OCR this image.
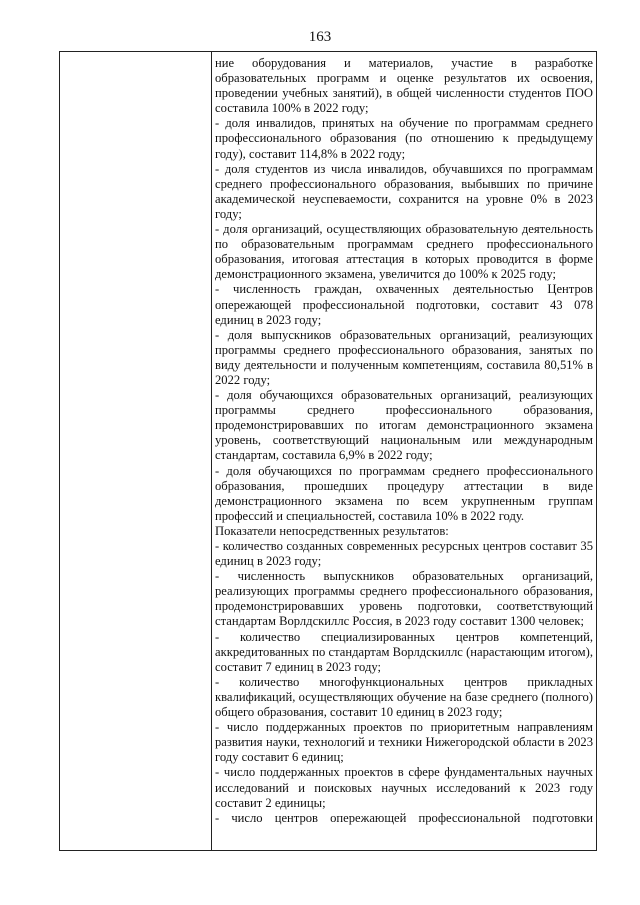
163

ние оборудования и материалов, участие в разработке образовательных программ и оценке результатов их освоения, проведении учебных занятий), в общей численности студентов ПОО составила 100% в 2022 году;

- доля инвалидов, принятых на обучение по программам среднего профессионального образования (по отношению к предыдущему году), составит 114,8% в 2022 году;

- доля студентов из числа инвалидов, обучавшихся по программам среднего профессионального образования, выбывших по причине академической неуспеваемости, сохранится на уровне 0% в 2023 году;

- доля организаций, осуществляющих образовательную деятельность по образовательным программам среднего профессионального образования, итоговая аттестация в которых проводится в форме демонстрационного экзамена, увеличится до 100% к 2025 году;

- численность граждан, охваченных деятельностью Центров опережающей профессиональной подготовки, составит 43 078 единиц в 2023 году;

- доля выпускников образовательных организаций, реализующих программы среднего профессионального образования, занятых по виду деятельности и полученным компетенциям, составила 80,51% в 2022 году;

- доля обучающихся образовательных организаций, реализующих программы среднего профессионального образования, продемонстрировавших по итогам демонстрационного экзамена уровень, соответствующий национальным или международным стандартам, составила 6,9% в 2022 году;

- доля обучающихся по программам среднего профессионального образования, прошедших процедуру аттестации в виде демонстрационного экзамена по всем укрупненным группам профессий и специальностей, составила 10% в 2022 году.

Показатели непосредственных результатов:

- количество созданных современных ресурсных центров составит 35 единиц в 2023 году;

- численность выпускников образовательных организаций, реализующих программы среднего профессионального образования, продемонстрировавших уровень подготовки, соответствующий стандартам Ворлдскиллс Россия, в 2023 году составит 1300 человек;

- количество специализированных центров компетенций, аккредитованных по стандартам Ворлдскиллс (нарастающим итогом), составит 7 единиц в 2023 году;

- количество многофункциональных центров прикладных квалификаций, осуществляющих обучение на базе среднего (полного) общего образования, составит 10 единиц в 2023 году;

- число поддержанных проектов по приоритетным направлениям развития науки, технологий и техники Нижегородской области в 2023 году составит 6 единиц;

- число поддержанных проектов в сфере фундаментальных научных исследований и поисковых научных исследований к 2023 году составит 2 единицы;

- число центров опережающей профессиональной подготовки
